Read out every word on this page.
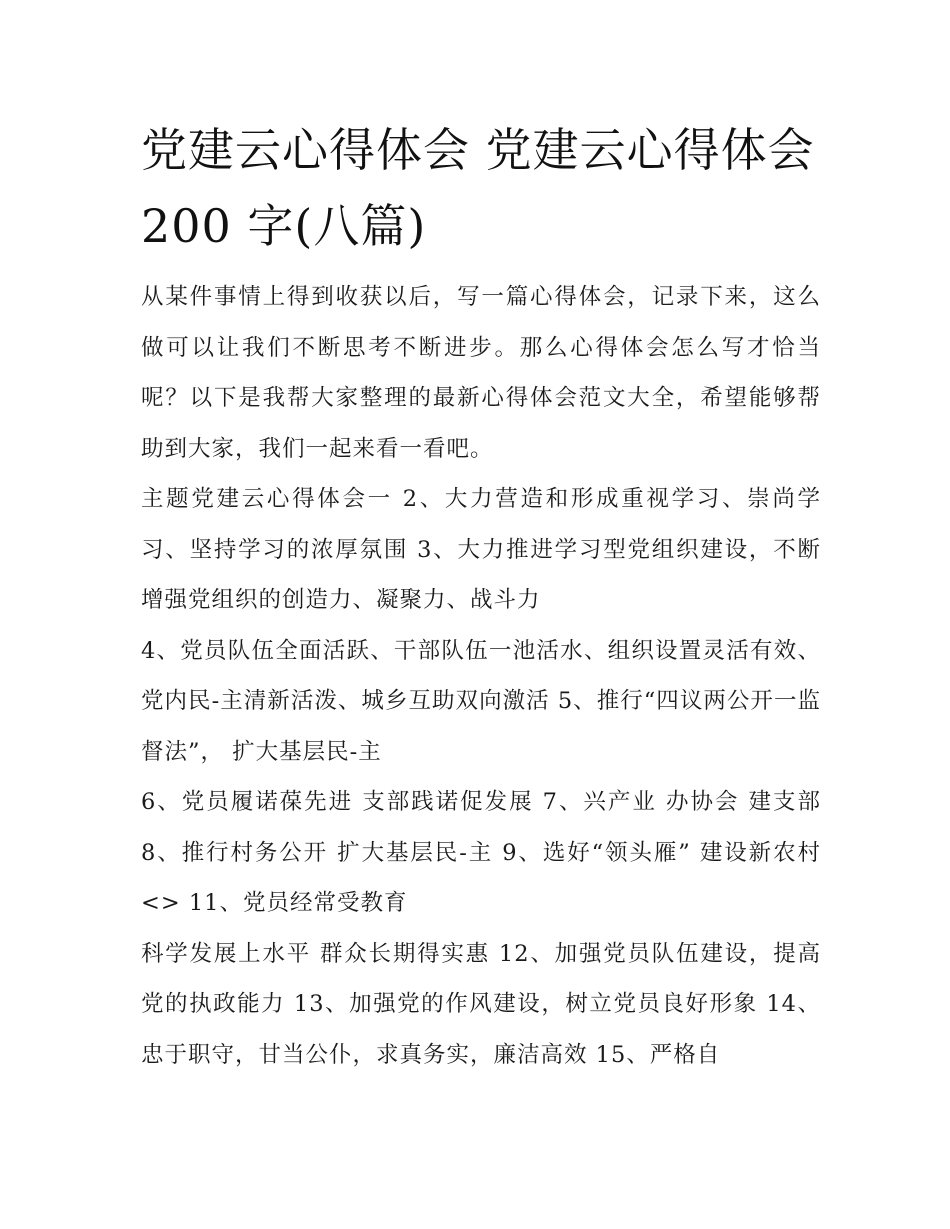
党建云心得体会 党建云心得体会 200 字(八篇)

从某件事情上得到收获以后，写一篇心得体会，记录下来，这么做可以让我们不断思考不断进步。那么心得体会怎么写才恰当呢？以下是我帮大家整理的最新心得体会范文大全，希望能够帮助到大家，我们一起来看一看吧。

主题党建云心得体会一 2、大力营造和形成重视学习、崇尚学习、坚持学习的浓厚氛围 3、大力推进学习型党组织建设，不断增强党组织的创造力、凝聚力、战斗力

4、党员队伍全面活跃、干部队伍一池活水、组织设置灵活有效、党内民-主清新活泼、城乡互助双向激活 5、推行“四议两公开一监督法”， 扩大基层民-主

6、党员履诺葆先进 支部践诺促发展 7、兴产业 办协会 建支部 8、推行村务公开 扩大基层民-主 9、选好“领头雁” 建设新农村 <> 11、党员经常受教育

科学发展上水平 群众长期得实惠 12、加强党员队伍建设，提高党的执政能力 13、加强党的作风建设，树立党员良好形象 14、忠于职守，甘当公仆，求真务实，廉洁高效 15、严格自
